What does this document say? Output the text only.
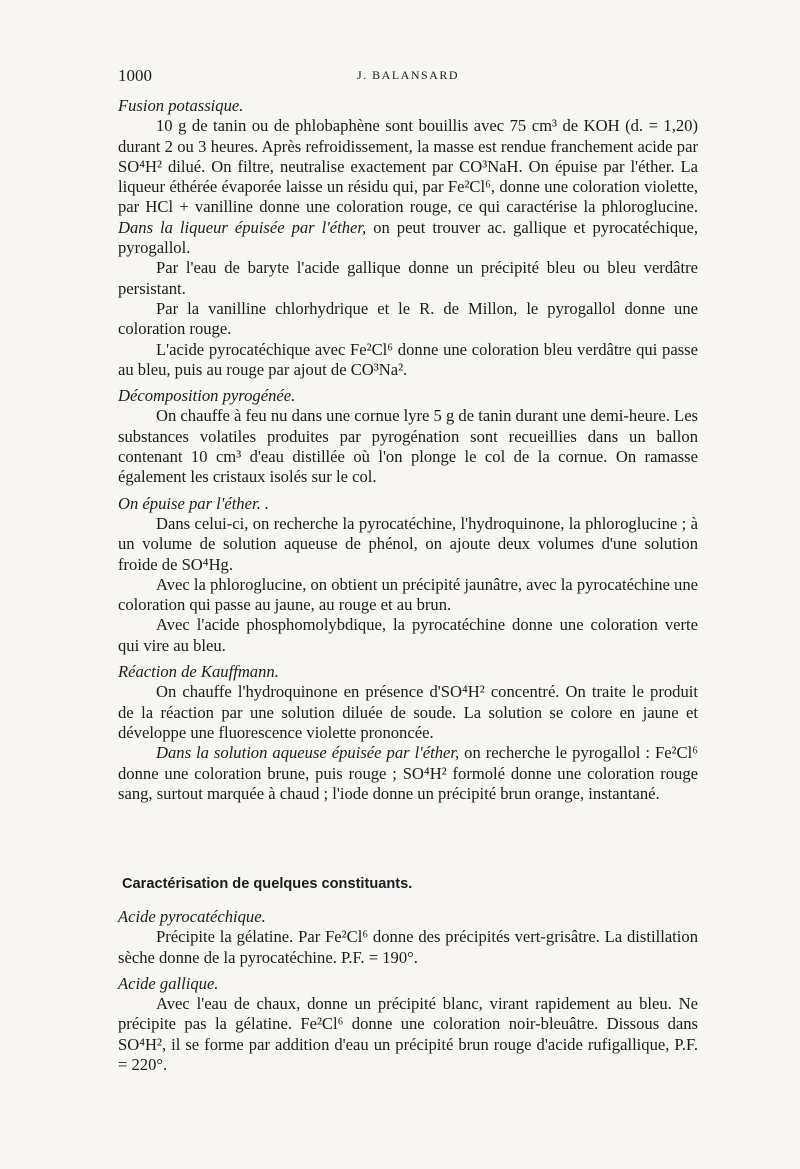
1000	J. BALANSARD
Fusion potassique.

10 g de tanin ou de phlobaphène sont bouillis avec 75 cm³ de KOH (d. = 1,20) durant 2 ou 3 heures. Après refroidissement, la masse est rendue franchement acide par SO⁴H² dilué. On filtre, neutralise exactement par CO³NaH. On épuise par l'éther. La liqueur éthérée évaporée laisse un résidu qui, par Fe²Cl⁶, donne une coloration violette, par HCl + vanilline donne une coloration rouge, ce qui caractérise la phloroglucine. Dans la liqueur épuisée par l'éther, on peut trouver ac. gallique et pyrocatéchique, pyrogallol.

Par l'eau de baryte l'acide gallique donne un précipité bleu ou bleu verdâtre persistant.

Par la vanilline chlorhydrique et le R. de Millon, le pyrogallol donne une coloration rouge.

L'acide pyrocatéchique avec Fe²Cl⁶ donne une coloration bleu verdâtre qui passe au bleu, puis au rouge par ajout de CO³Na².

Décomposition pyrogénée.

On chauffe à feu nu dans une cornue lyre 5 g de tanin durant une demi-heure. Les substances volatiles produites par pyrogénation sont recueillies dans un ballon contenant 10 cm³ d'eau distillée où l'on plonge le col de la cornue. On ramasse également les cristaux isolés sur le col.

On épuise par l'éther. .

Dans celui-ci, on recherche la pyrocatéchine, l'hydroquinone, la phloroglucine ; à un volume de solution aqueuse de phénol, on ajoute deux volumes d'une solution froide de SO⁴Hg.

Avec la phloroglucine, on obtient un précipité jaunâtre, avec la pyrocatéchine une coloration qui passe au jaune, au rouge et au brun.

Avec l'acide phosphomolybdique, la pyrocatéchine donne une coloration verte qui vire au bleu.

Réaction de Kauffmann.

On chauffe l'hydroquinone en présence d'SO⁴H² concentré. On traite le produit de la réaction par une solution diluée de soude. La solution se colore en jaune et développe une fluorescence violette prononcée.

Dans la solution aqueuse épuisée par l'éther, on recherche le pyrogallol : Fe²Cl⁶ donne une coloration brune, puis rouge ; SO⁴H² formolé donne une coloration rouge sang, surtout marquée à chaud ; l'iode donne un précipité brun orange, instantané.

Caractérisation de quelques constituants.
Acide pyrocatéchique.

Précipite la gélatine. Par Fe²Cl⁶ donne des précipités vert-grisâtre. La distillation sèche donne de la pyrocatéchine. P.F. = 190°.

Acide gallique.

Avec l'eau de chaux, donne un précipité blanc, virant rapidement au bleu. Ne précipite pas la gélatine. Fe²Cl⁶ donne une coloration noir-bleuâtre. Dissous dans SO⁴H², il se forme par addition d'eau un précipité brun rouge d'acide rufigallique, P.F. = 220°.
